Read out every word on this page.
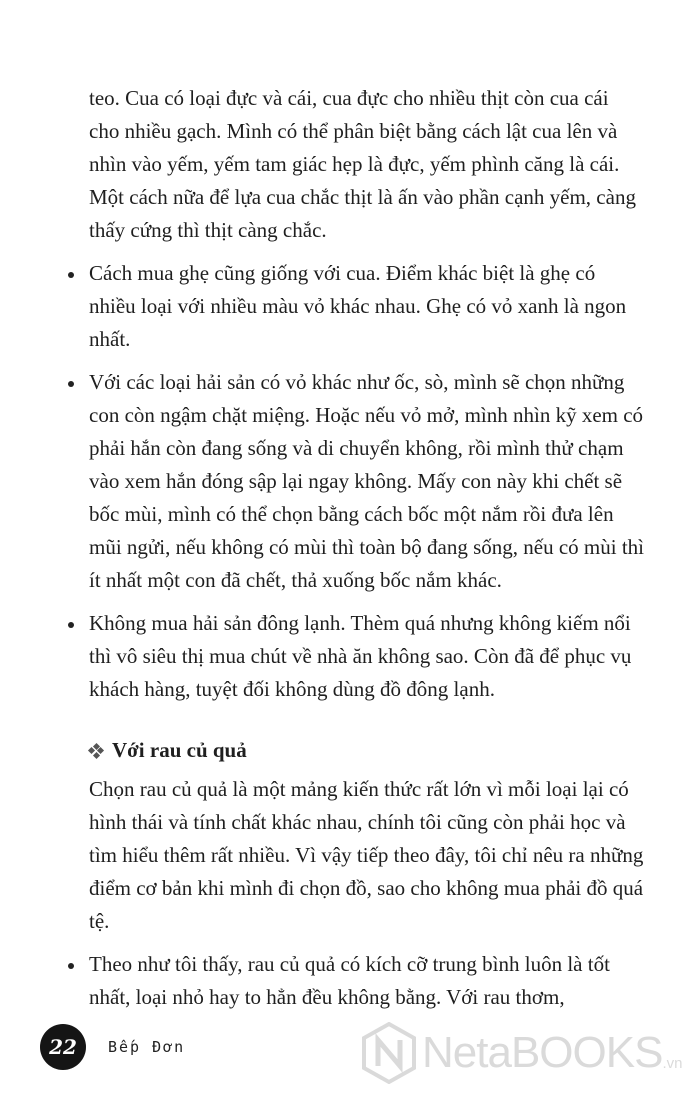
teo. Cua có loại đực và cái, cua đực cho nhiều thịt còn cua cái cho nhiều gạch. Mình có thể phân biệt bằng cách lật cua lên và nhìn vào yếm, yếm tam giác hẹp là đực, yếm phình căng là cái. Một cách nữa để lựa cua chắc thịt là ấn vào phần cạnh yếm, càng thấy cứng thì thịt càng chắc.

Cách mua ghẹ cũng giống với cua. Điểm khác biệt là ghẹ có nhiều loại với nhiều màu vỏ khác nhau. Ghẹ có vỏ xanh là ngon nhất.
Với các loại hải sản có vỏ khác như ốc, sò, mình sẽ chọn những con còn ngậm chặt miệng. Hoặc nếu vỏ mở, mình nhìn kỹ xem có phải hắn còn đang sống và di chuyển không, rồi mình thử chạm vào xem hắn đóng sập lại ngay không. Mấy con này khi chết sẽ bốc mùi, mình có thể chọn bằng cách bốc một nắm rồi đưa lên mũi ngửi, nếu không có mùi thì toàn bộ đang sống, nếu có mùi thì ít nhất một con đã chết, thả xuống bốc nắm khác.
Không mua hải sản đông lạnh. Thèm quá nhưng không kiếm nổi thì vô siêu thị mua chút về nhà ăn không sao. Còn đã để phục vụ khách hàng, tuyệt đối không dùng đồ đông lạnh.
Với rau củ quả

Chọn rau củ quả là một mảng kiến thức rất lớn vì mỗi loại lại có hình thái và tính chất khác nhau, chính tôi cũng còn phải học và tìm hiểu thêm rất nhiều. Vì vậy tiếp theo đây, tôi chỉ nêu ra những điểm cơ bản khi mình đi chọn đồ, sao cho không mua phải đồ quá tệ.

Theo như tôi thấy, rau củ quả có kích cỡ trung bình luôn là tốt nhất, loại nhỏ hay to hẳn đều không bằng. Với rau thơm,
22	Bếp Đơn	NetaBOOKS .vn
